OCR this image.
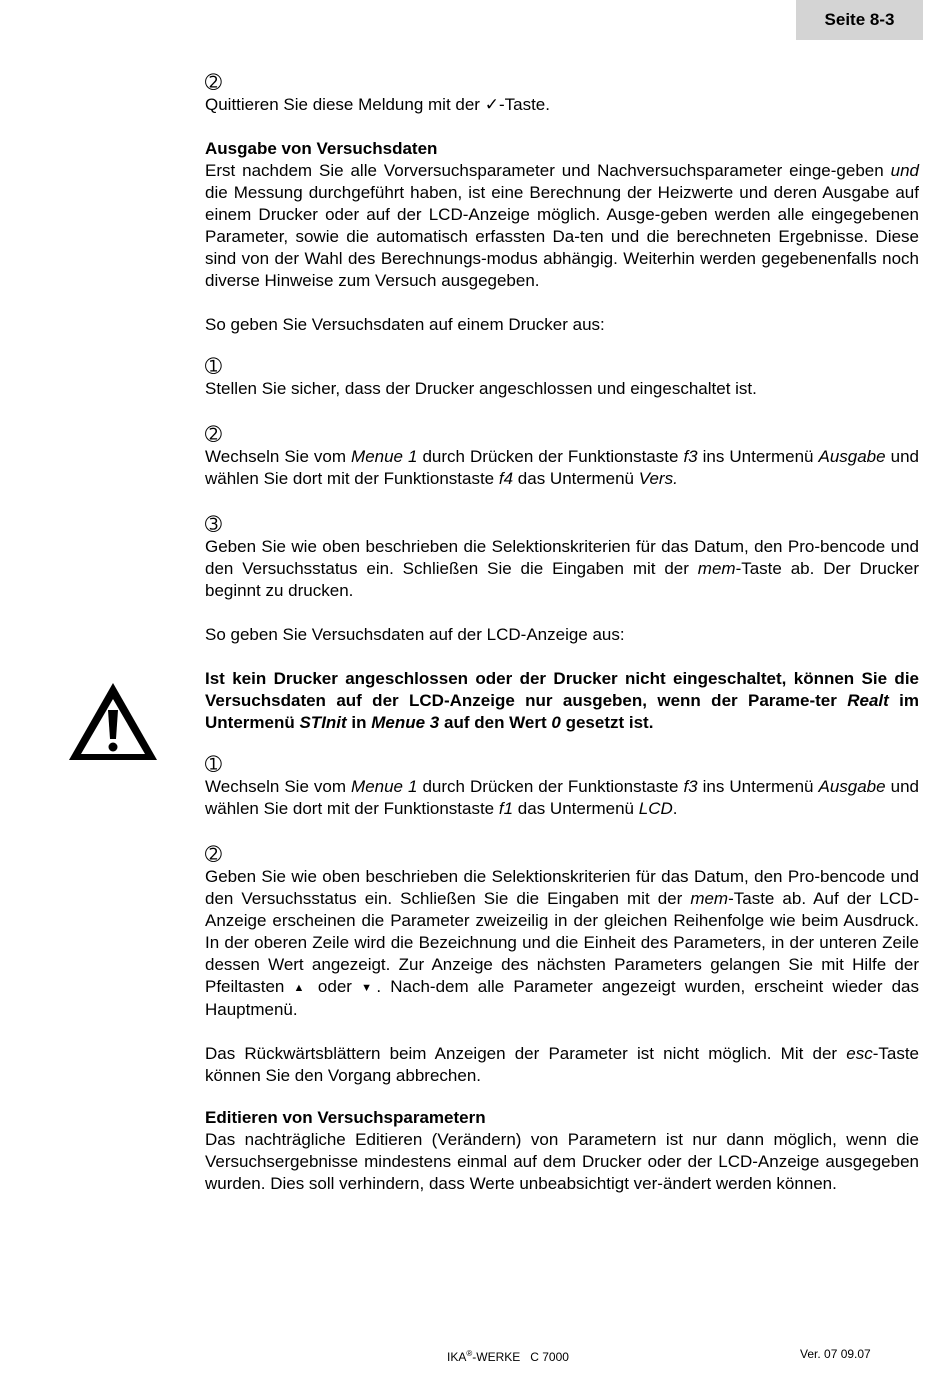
Seite 8-3

➁

Quittieren Sie diese Meldung mit der ✓-Taste.

Ausgabe von Versuchsdaten

Erst nachdem Sie alle Vorversuchsparameter und Nachversuchsparameter einge-geben und die Messung durchgeführt haben, ist eine Berechnung der Heizwerte und deren Ausgabe auf einem Drucker oder auf der LCD-Anzeige möglich. Ausge-geben werden alle eingegebenen Parameter, sowie die automatisch erfassten Da-ten und die berechneten Ergebnisse. Diese sind von der Wahl des Berechnungs-modus abhängig. Weiterhin werden gegebenenfalls noch diverse Hinweise zum Versuch ausgegeben.

So geben Sie Versuchsdaten auf einem Drucker aus:

➀

Stellen Sie sicher, dass der Drucker angeschlossen und eingeschaltet ist.

➁

Wechseln Sie vom Menue 1 durch Drücken der Funktionstaste f3 ins Untermenü Ausgabe und wählen Sie dort mit der Funktionstaste f4 das Untermenü Vers.

➂

Geben Sie wie oben beschrieben die Selektionskriterien für das Datum, den Pro-bencode und den Versuchsstatus ein. Schließen Sie die Eingaben mit der mem-Taste ab. Der Drucker beginnt zu drucken.

So geben Sie Versuchsdaten auf der LCD-Anzeige aus:

Ist kein Drucker angeschlossen oder der Drucker nicht eingeschaltet, können Sie die Versuchsdaten auf der LCD-Anzeige nur ausgeben, wenn der Parame-ter Realt im Untermenü STInit in Menue 3 auf den Wert 0 gesetzt ist.

➀

Wechseln Sie vom Menue 1 durch Drücken der Funktionstaste f3 ins Untermenü Ausgabe und wählen Sie dort mit der Funktionstaste f1 das Untermenü LCD.

➁

Geben Sie wie oben beschrieben die Selektionskriterien für das Datum, den Pro-bencode und den Versuchsstatus ein. Schließen Sie die Eingaben mit der mem-Taste ab. Auf der LCD-Anzeige erscheinen die Parameter zweizeilig in der gleichen Reihenfolge wie beim Ausdruck. In der oberen Zeile wird die Bezeichnung und die Einheit des Parameters, in der unteren Zeile dessen Wert angezeigt. Zur Anzeige des nächsten Parameters gelangen Sie mit Hilfe der Pfeiltasten ▲ oder ▼. Nach-dem alle Parameter angezeigt wurden, erscheint wieder das Hauptmenü.

Das Rückwärtsblättern beim Anzeigen der Parameter ist nicht möglich. Mit der esc-Taste können Sie den Vorgang abbrechen.

Editieren von Versuchsparametern

Das nachträgliche Editieren (Verändern) von Parametern ist nur dann möglich, wenn die Versuchsergebnisse mindestens einmal auf dem Drucker oder der LCD-Anzeige ausgegeben wurden. Dies soll verhindern, dass Werte unbeabsichtigt ver-ändert werden können.

IKA®-WERKE   C 7000	Ver. 07 09.07
